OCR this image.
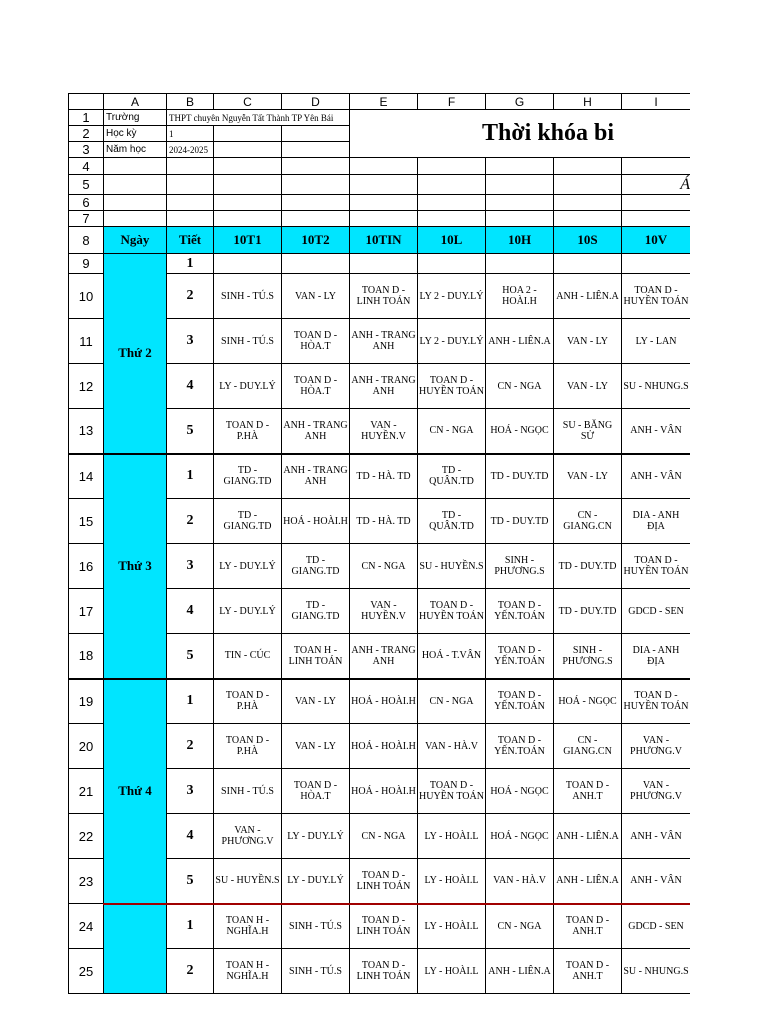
	A	B	C	D	E	F	G	H	I
1	Trường	THPT chuyên Nguyễn Tất Thành TP Yên Bái			Thời khóa bi				
2	Học kỳ	1							
3	Năm học	2024-2025							
4									
5									Á
6									
7									
8	Ngày	Tiết	10T1	10T2	10TIN	10L	10H	10S	10V
9	Thứ 2	1							
10		2	SINH - TÚ.S	VAN - LY	TOAN D - LINH TOÁN	LY 2 - DUY.LÝ	HOA 2 - HOÀI.H	ANH - LIÊN.A	TOAN D - HUYỀN TOÁN
11		3	SINH - TÚ.S	TOAN D - HÒA.T	ANH - TRANG ANH	LY 2 - DUY.LÝ	ANH - LIÊN.A	VAN - LY	LY - LAN
12		4	LY - DUY.LÝ	TOAN D - HÒA.T	ANH - TRANG ANH	TOAN D - HUYỀN TOÁN	CN - NGA	VAN - LY	SU - NHUNG.S
13		5	TOAN D - P.HÀ	ANH - TRANG ANH	VAN - HUYỀN.V	CN - NGA	HOÁ - NGỌC	SU - BĂNG SỬ	ANH - VÂN
14	Thứ 3	1	TD - GIANG.TD	ANH - TRANG ANH	TD - HÀ. TD	TD - QUÂN.TD	TD - DUY.TD	VAN - LY	ANH - VÂN
15		2	TD - GIANG.TD	HOÁ - HOÀI.H	TD - HÀ. TD	TD - QUÂN.TD	TD - DUY.TD	CN - GIANG.CN	DIA - ANH ĐỊA
16		3	LY - DUY.LÝ	TD - GIANG.TD	CN - NGA	SU - HUYỀN.S	SINH - PHƯƠNG.S	TD - DUY.TD	TOAN D - HUYỀN TOÁN
17		4	LY - DUY.LÝ	TD - GIANG.TD	VAN - HUYỀN.V	TOAN D - HUYỀN TOÁN	TOAN D - YẾN.TOÁN	TD - DUY.TD	GDCD - SEN
18		5	TIN - CÚC	TOAN H - LINH TOÁN	ANH - TRANG ANH	HOÁ - T.VÂN	TOAN D - YẾN.TOÁN	SINH - PHƯƠNG.S	DIA - ANH ĐỊA
19	Thứ 4	1	TOAN D - P.HÀ	VAN - LY	HOÁ - HOÀI.H	CN - NGA	TOAN D - YẾN.TOÁN	HOÁ - NGỌC	TOAN D - HUYỀN TOÁN
20		2	TOAN D - P.HÀ	VAN - LY	HOÁ - HOÀI.H	VAN - HÀ.V	TOAN D - YẾN.TOÁN	CN - GIANG.CN	VAN - PHƯƠNG.V
21		3	SINH - TÚ.S	TOAN D - HÒA.T	HOÁ - HOÀI.H	TOAN D - HUYỀN TOÁN	HOÁ - NGỌC	TOAN D - ANH.T	VAN - PHƯƠNG.V
22		4	VAN - PHƯƠNG.V	LY - DUY.LÝ	CN - NGA	LY - HOÀI.L	HOÁ - NGỌC	ANH - LIÊN.A	ANH - VÂN
23		5	SU - HUYỀN.S	LY - DUY.LÝ	TOAN D - LINH TOÁN	LY - HOÀI.L	VAN - HÀ.V	ANH - LIÊN.A	ANH - VÂN
24		1	TOAN H - NGHĨA.H	SINH - TÚ.S	TOAN D - LINH TOÁN	LY - HOÀI.L	CN - NGA	TOAN D - ANH.T	GDCD - SEN
25		2	TOAN H - NGHĨA.H	SINH - TÚ.S	TOAN D - LINH TOÁN	LY - HOÀI.L	ANH - LIÊN.A	TOAN D - ANH.T	SU - NHUNG.S
